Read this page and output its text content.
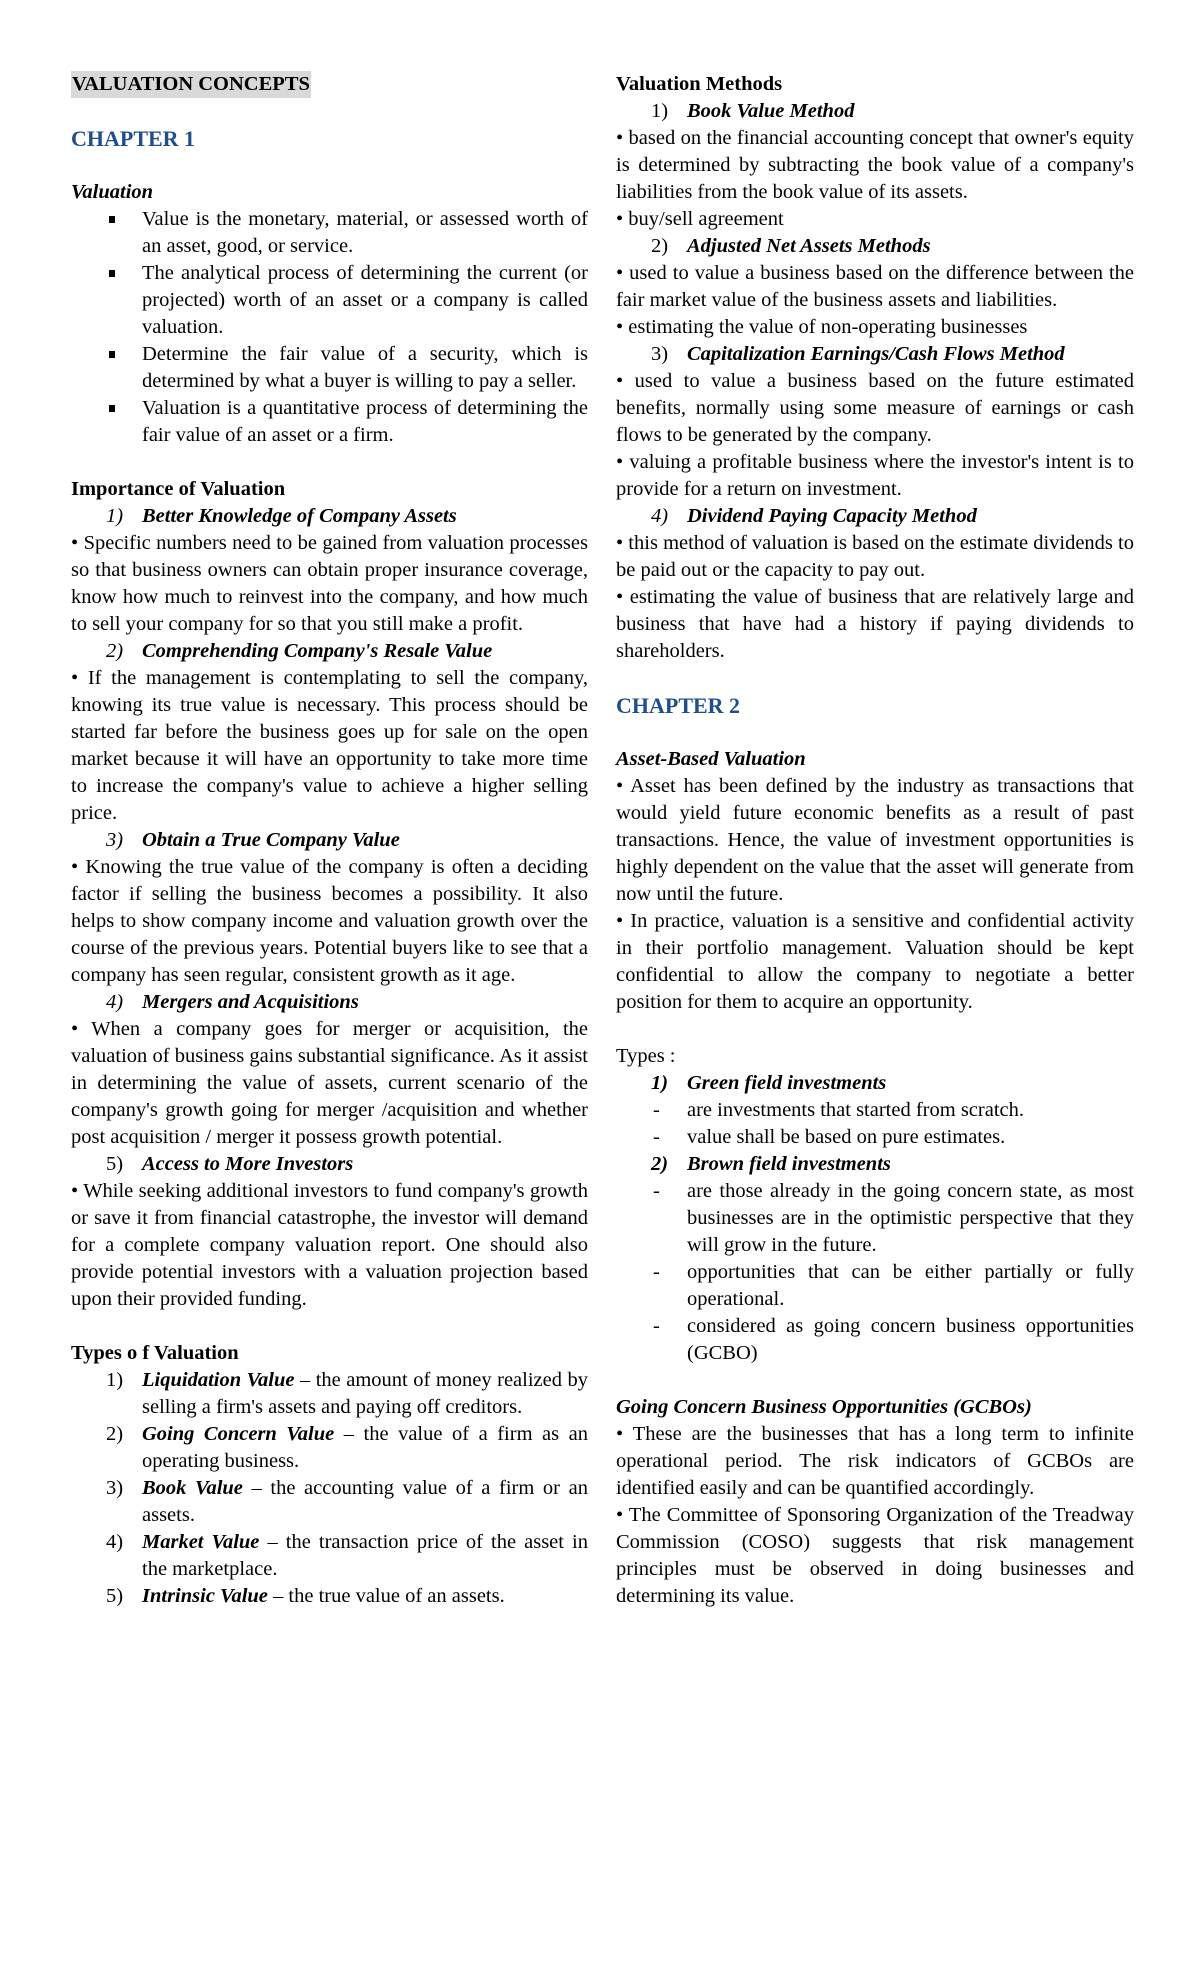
VALUATION CONCEPTS
CHAPTER 1
Valuation
Value is the monetary, material, or assessed worth of an asset, good, or service.
The analytical process of determining the current (or projected) worth of an asset or a company is called valuation.
Determine the fair value of a security, which is determined by what a buyer is willing to pay a seller.
Valuation is a quantitative process of determining the fair value of an asset or a firm.
Importance of Valuation
1) Better Knowledge of Company Assets
• Specific numbers need to be gained from valuation processes so that business owners can obtain proper insurance coverage, know how much to reinvest into the company, and how much to sell your company for so that you still make a profit.
2) Comprehending Company's Resale Value
• If the management is contemplating to sell the company, knowing its true value is necessary. This process should be started far before the business goes up for sale on the open market because it will have an opportunity to take more time to increase the company's value to achieve a higher selling price.
3) Obtain a True Company Value
• Knowing the true value of the company is often a deciding factor if selling the business becomes a possibility. It also helps to show company income and valuation growth over the course of the previous years. Potential buyers like to see that a company has seen regular, consistent growth as it age.
4) Mergers and Acquisitions
• When a company goes for merger or acquisition, the valuation of business gains substantial significance. As it assist in determining the value of assets, current scenario of the company's growth going for merger /acquisition and whether post acquisition / merger it possess growth potential.
5) Access to More Investors
• While seeking additional investors to fund company's growth or save it from financial catastrophe, the investor will demand for a complete company valuation report. One should also provide potential investors with a valuation projection based upon their provided funding.
Types o f Valuation
1) Liquidation Value – the amount of money realized by selling a firm's assets and paying off creditors.
2) Going Concern Value – the value of a firm as an operating business.
3) Book Value – the accounting value of a firm or an assets.
4) Market Value – the transaction price of the asset in the marketplace.
5) Intrinsic Value – the true value of an assets.
Valuation Methods
1) Book Value Method
• based on the financial accounting concept that owner's equity is determined by subtracting the book value of a company's liabilities from the book value of its assets.
• buy/sell agreement
2) Adjusted Net Assets Methods
• used to value a business based on the difference between the fair market value of the business assets and liabilities.
• estimating the value of non-operating businesses
3) Capitalization Earnings/Cash Flows Method
• used to value a business based on the future estimated benefits, normally using some measure of earnings or cash flows to be generated by the company.
• valuing a profitable business where the investor's intent is to provide for a return on investment.
4) Dividend Paying Capacity Method
• this method of valuation is based on the estimate dividends to be paid out or the capacity to pay out.
• estimating the value of business that are relatively large and business that have had a history if paying dividends to shareholders.
CHAPTER 2
Asset-Based Valuation
• Asset has been defined by the industry as transactions that would yield future economic benefits as a result of past transactions. Hence, the value of investment opportunities is highly dependent on the value that the asset will generate from now until the future.
• In practice, valuation is a sensitive and confidential activity in their portfolio management. Valuation should be kept confidential to allow the company to negotiate a better position for them to acquire an opportunity.
Types :
1) Green field investments
- are investments that started from scratch.
- value shall be based on pure estimates.
2) Brown field investments
- are those already in the going concern state, as most businesses are in the optimistic perspective that they will grow in the future.
- opportunities that can be either partially or fully operational.
- considered as going concern business opportunities (GCBO)
Going Concern Business Opportunities (GCBOs)
• These are the businesses that has a long term to infinite operational period. The risk indicators of GCBOs are identified easily and can be quantified accordingly.
• The Committee of Sponsoring Organization of the Treadway Commission (COSO) suggests that risk management principles must be observed in doing businesses and determining its value.
